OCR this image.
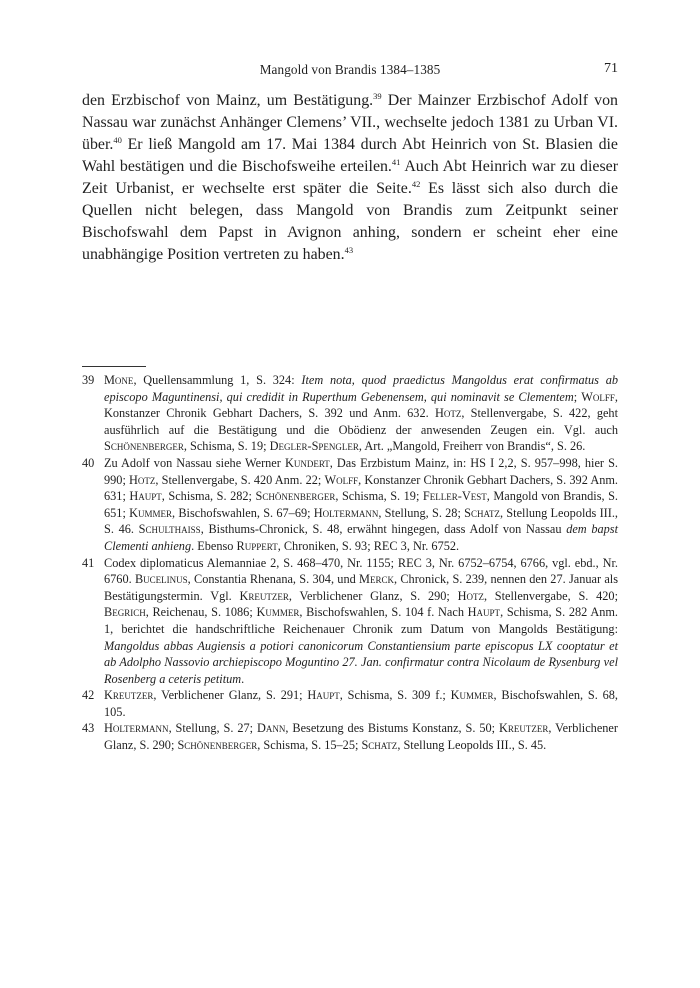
Mangold von Brandis 1384–1385	71

den Erzbischof von Mainz, um Bestätigung.$^{39}$ Der Mainzer Erzbischof Adolf von Nassau war zunächst Anhänger Clemens’ VII., wechselte jedoch 1381 zu Urban VI. über.$^{40}$ Er ließ Mangold am 17. Mai 1384 durch Abt Heinrich von St. Blasien die Wahl bestätigen und die Bischofsweihe erteilen.$^{41}$ Auch Abt Heinrich war zu dieser Zeit Urbanist, er wechselte erst später die Seite.$^{42}$ Es lässt sich also durch die Quellen nicht belegen, dass Mangold von Brandis zum Zeitpunkt seiner Bischofswahl dem Papst in Avignon anhing, sondern er scheint eher eine unabhängige Position vertreten zu haben.$^{43}$

39 Mone, Quellensammlung 1, S. 324: Item nota, quod praedictus Mangoldus erat confirmatus ab episcopo Maguntinensi, qui credidit in Ruperthum Gebenensem, qui nominavit se Clementem; Wolff, Konstanzer Chronik Gebhart Dachers, S. 392 und Anm. 632. Hotz, Stellenvergabe, S. 422, geht ausführlich auf die Bestätigung und die Obödienz der anwesenden Zeugen ein. Vgl. auch Schönenberger, Schisma, S. 19; Degler-Spengler, Art. „Mangold, Freiherr von Brandis“, S. 26.

40 Zu Adolf von Nassau siehe Werner Kundert, Das Erzbistum Mainz, in: HS I 2,2, S. 957–998, hier S. 990; Hotz, Stellenvergabe, S. 420 Anm. 22; Wolff, Konstanzer Chronik Gebhart Dachers, S. 392 Anm. 631; Haupt, Schisma, S. 282; Schönenberger, Schisma, S. 19; Feller-Vest, Mangold von Brandis, S. 651; Kummer, Bischofswahlen, S. 67–69; Holtermann, Stellung, S. 28; Schatz, Stellung Leopolds III., S. 46. Schulthaiss, Bisthums-Chronick, S. 48, erwähnt hingegen, dass Adolf von Nassau dem bapst Clementi anhieng. Ebenso Ruppert, Chroniken, S. 93; REC 3, Nr. 6752.

41 Codex diplomaticus Alemanniae 2, S. 468–470, Nr. 1155; REC 3, Nr. 6752–6754, 6766, vgl. ebd., Nr. 6760. Bucelinus, Constantia Rhenana, S. 304, und Merck, Chronick, S. 239, nennen den 27. Januar als Bestätigungstermin. Vgl. Kreutzer, Verblichener Glanz, S. 290; Hotz, Stellenvergabe, S. 420; Begrich, Reichenau, S. 1086; Kummer, Bischofswahlen, S. 104 f. Nach Haupt, Schisma, S. 282 Anm. 1, berichtet die handschriftliche Reichenauer Chronik zum Datum von Mangolds Bestätigung: Mangoldus abbas Augiensis a potiori canonicorum Constantiensium parte episcopus LX cooptatur et ab Adolpho Nassovio archiepiscopo Moguntino 27. Jan. confirmatur contra Nicolaum de Rysenburg vel Rosenberg a ceteris petitum.

42 Kreutzer, Verblichener Glanz, S. 291; Haupt, Schisma, S. 309 f.; Kummer, Bischofswahlen, S. 68, 105.

43 Holtermann, Stellung, S. 27; Dann, Besetzung des Bistums Konstanz, S. 50; Kreutzer, Verblichener Glanz, S. 290; Schönenberger, Schisma, S. 15–25; Schatz, Stellung Leopolds III., S. 45.
